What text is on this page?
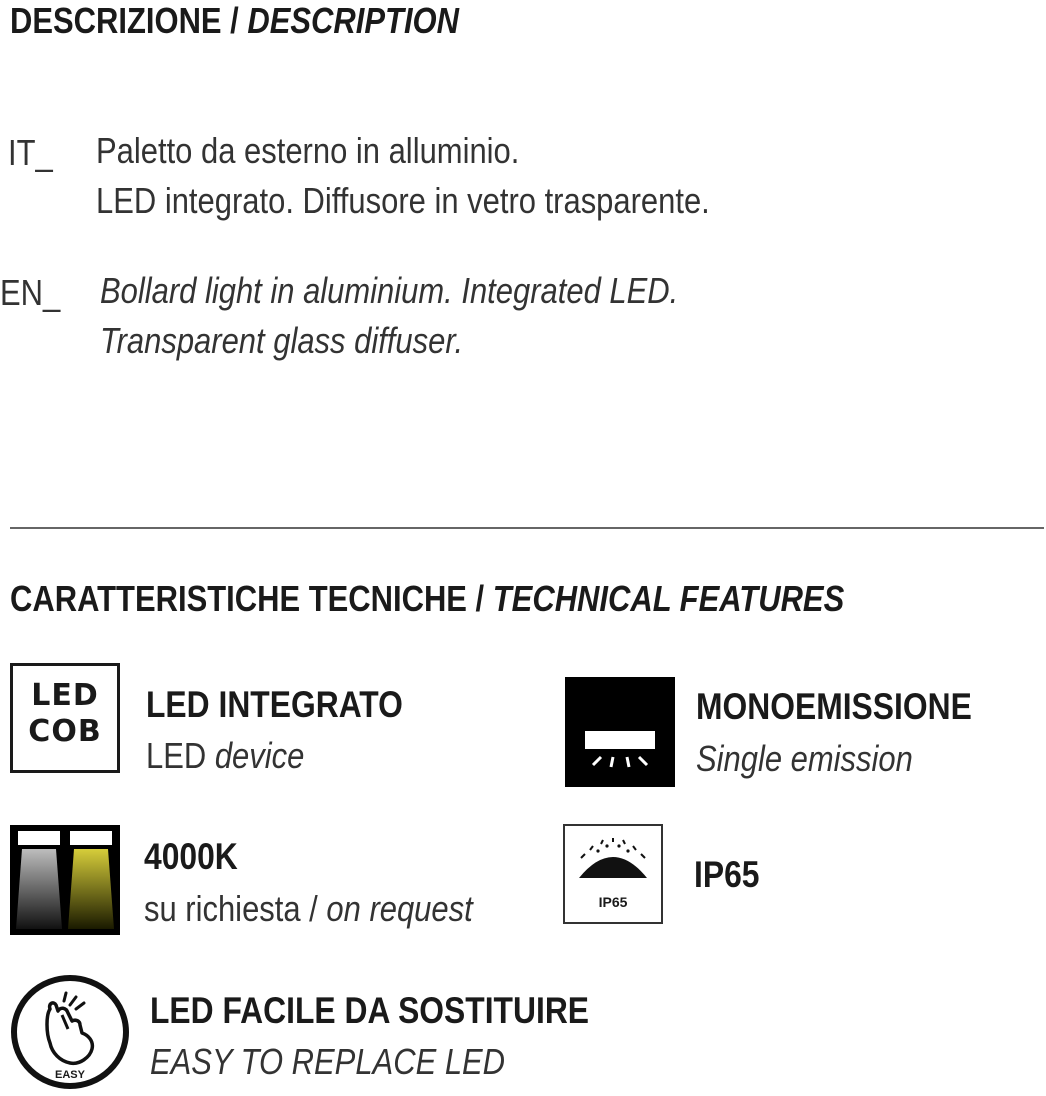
DESCRIZIONE / DESCRIPTION
IT_ Paletto da esterno in alluminio.
LED integrato. Diffusore in vetro trasparente.
EN_ Bollard light in aluminium. Integrated LED.
Transparent glass diffuser.
CARATTERISTICHE TECNICHE / TECHNICAL FEATURES
LED
COB
LED INTEGRATO
LED device
MONOEMISSIONE
Single emission
4000K
su richiesta / on request	IP65
IP65
EASY
LED FACILE DA SOSTITUIRE
EASY TO REPLACE LED
